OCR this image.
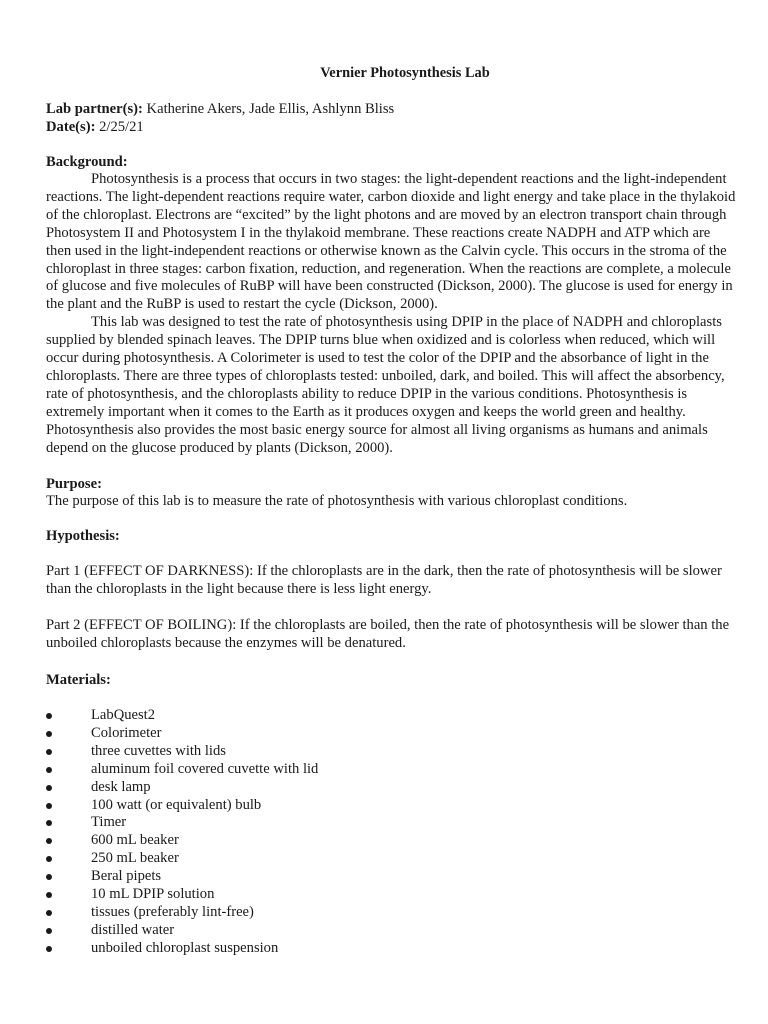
Vernier Photosynthesis Lab

Lab partner(s): Katherine Akers, Jade Ellis, Ashlynn Bliss

Date(s): 2/25/21

Background:

Photosynthesis is a process that occurs in two stages: the light-dependent reactions and the light-independent reactions. The light-dependent reactions require water, carbon dioxide and light energy and take place in the thylakoid of the chloroplast. Electrons are “excited” by the light photons and are moved by an electron transport chain through Photosystem II and Photosystem I in the thylakoid membrane. These reactions create NADPH and ATP which are then used in the light-independent reactions or otherwise known as the Calvin cycle. This occurs in the stroma of the chloroplast in three stages: carbon fixation, reduction, and regeneration. When the reactions are complete, a molecule of glucose and five molecules of RuBP will have been constructed (Dickson, 2000). The glucose is used for energy in the plant and the RuBP is used to restart the cycle (Dickson, 2000).

This lab was designed to test the rate of photosynthesis using DPIP in the place of NADPH and chloroplasts supplied by blended spinach leaves. The DPIP turns blue when oxidized and is colorless when reduced, which will occur during photosynthesis. A Colorimeter is used to test the color of the DPIP and the absorbance of light in the chloroplasts. There are three types of chloroplasts tested: unboiled, dark, and boiled. This will affect the absorbency, rate of photosynthesis, and the chloroplasts ability to reduce DPIP in the various conditions. Photosynthesis is extremely important when it comes to the Earth as it produces oxygen and keeps the world green and healthy. Photosynthesis also provides the most basic energy source for almost all living organisms as humans and animals depend on the glucose produced by plants (Dickson, 2000).

Purpose:

The purpose of this lab is to measure the rate of photosynthesis with various chloroplast conditions.

Hypothesis:

Part 1 (EFFECT OF DARKNESS): If the chloroplasts are in the dark, then the rate of photosynthesis will be slower than the chloroplasts in the light because there is less light energy.

Part 2 (EFFECT OF BOILING): If the chloroplasts are boiled, then the rate of photosynthesis will be slower than the unboiled chloroplasts because the enzymes will be denatured.

Materials:

LabQuest2
Colorimeter
three cuvettes with lids
aluminum foil covered cuvette with lid
desk lamp
100 watt (or equivalent) bulb
Timer
600 mL beaker
250 mL beaker
Beral pipets
10 mL DPIP solution
tissues (preferably lint-free)
distilled water
unboiled chloroplast suspension
